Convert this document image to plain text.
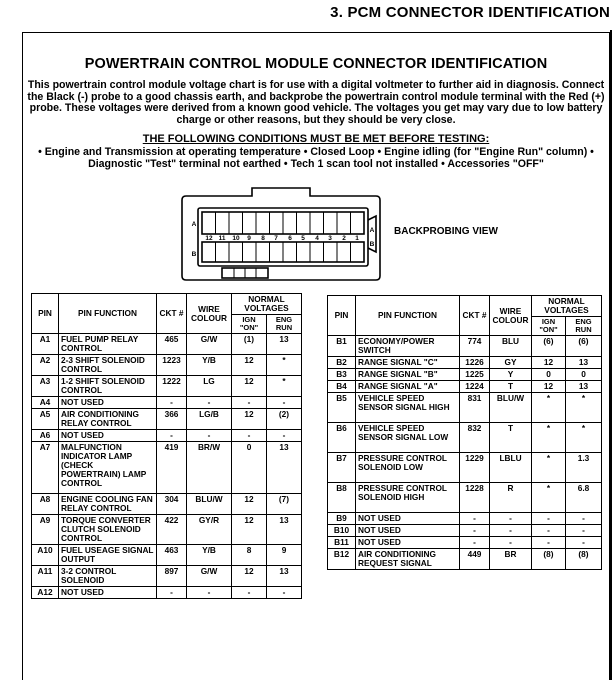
3. PCM CONNECTOR IDENTIFICATION
POWERTRAIN CONTROL MODULE CONNECTOR IDENTIFICATION
This powertrain control module voltage chart is for use with a digital voltmeter to further aid in diagnosis. Connect the Black (-) probe to a good chassis earth, and backprobe the powertrain control module terminal with the Red (+) probe. These voltages were derived from a known good vehicle. The voltages you get may vary due to low battery charge or other reasons, but they should be very close.
THE FOLLOWING CONDITIONS MUST BE MET BEFORE TESTING:
• Engine and Transmission at operating temperature • Closed Loop • Engine idling (for "Engine Run" column) • Diagnostic "Test" terminal not earthed • Tech 1 scan tool not installed • Accessories "OFF"
A
B
A
B
12 11 10 9 8 7 6 5 4 3 2 1
BACKPROBING VIEW
PIN	PIN FUNCTION	CKT #	WIRE COLOUR	NORMAL VOLTAGES	
				IGN "ON"	ENG RUN
A1	FUEL PUMP RELAY CONTROL	465	G/W	(1)	13
A2	2-3 SHIFT SOLENOID CONTROL	1223	Y/B	12	*
A3	1-2 SHIFT SOLENOID CONTROL	1222	LG	12	*
A4	NOT USED	-	-	-	-
A5	AIR CONDITIONING RELAY CONTROL	366	LG/B	12	(2)
A6	NOT USED	-	-	-	-
A7	MALFUNCTION INDICATOR LAMP (CHECK POWERTRAIN) LAMP CONTROL	419	BR/W	0	13
A8	ENGINE COOLING FAN RELAY CONTROL	304	BLU/W	12	(7)
A9	TORQUE CONVERTER CLUTCH SOLENOID CONTROL	422	GY/R	12	13
A10	FUEL USEAGE SIGNAL OUTPUT	463	Y/B	8	9
A11	3-2 CONTROL SOLENOID	897	G/W	12	13
A12	NOT USED	-	-	-	-
PIN	PIN FUNCTION	CKT #	WIRE COLOUR	NORMAL VOLTAGES	
				IGN "ON"	ENG RUN
B1	ECONOMY/POWER SWITCH	774	BLU	(6)	(6)
B2	RANGE SIGNAL "C"	1226	GY	12	13
B3	RANGE SIGNAL "B"	1225	Y	0	0
B4	RANGE SIGNAL "A"	1224	T	12	13
B5	VEHICLE SPEED SENSOR SIGNAL HIGH	831	BLU/W	*	*
B6	VEHICLE SPEED SENSOR SIGNAL LOW	832	T	*	*
B7	PRESSURE CONTROL SOLENOID LOW	1229	LBLU	*	1.3
B8	PRESSURE CONTROL SOLENOID HIGH	1228	R	*	6.8
B9	NOT USED	-	-	-	-
B10	NOT USED	-	-	-	-
B11	NOT USED	-	-	-	-
B12	AIR CONDITIONING REQUEST SIGNAL	449	BR	(8)	(8)
